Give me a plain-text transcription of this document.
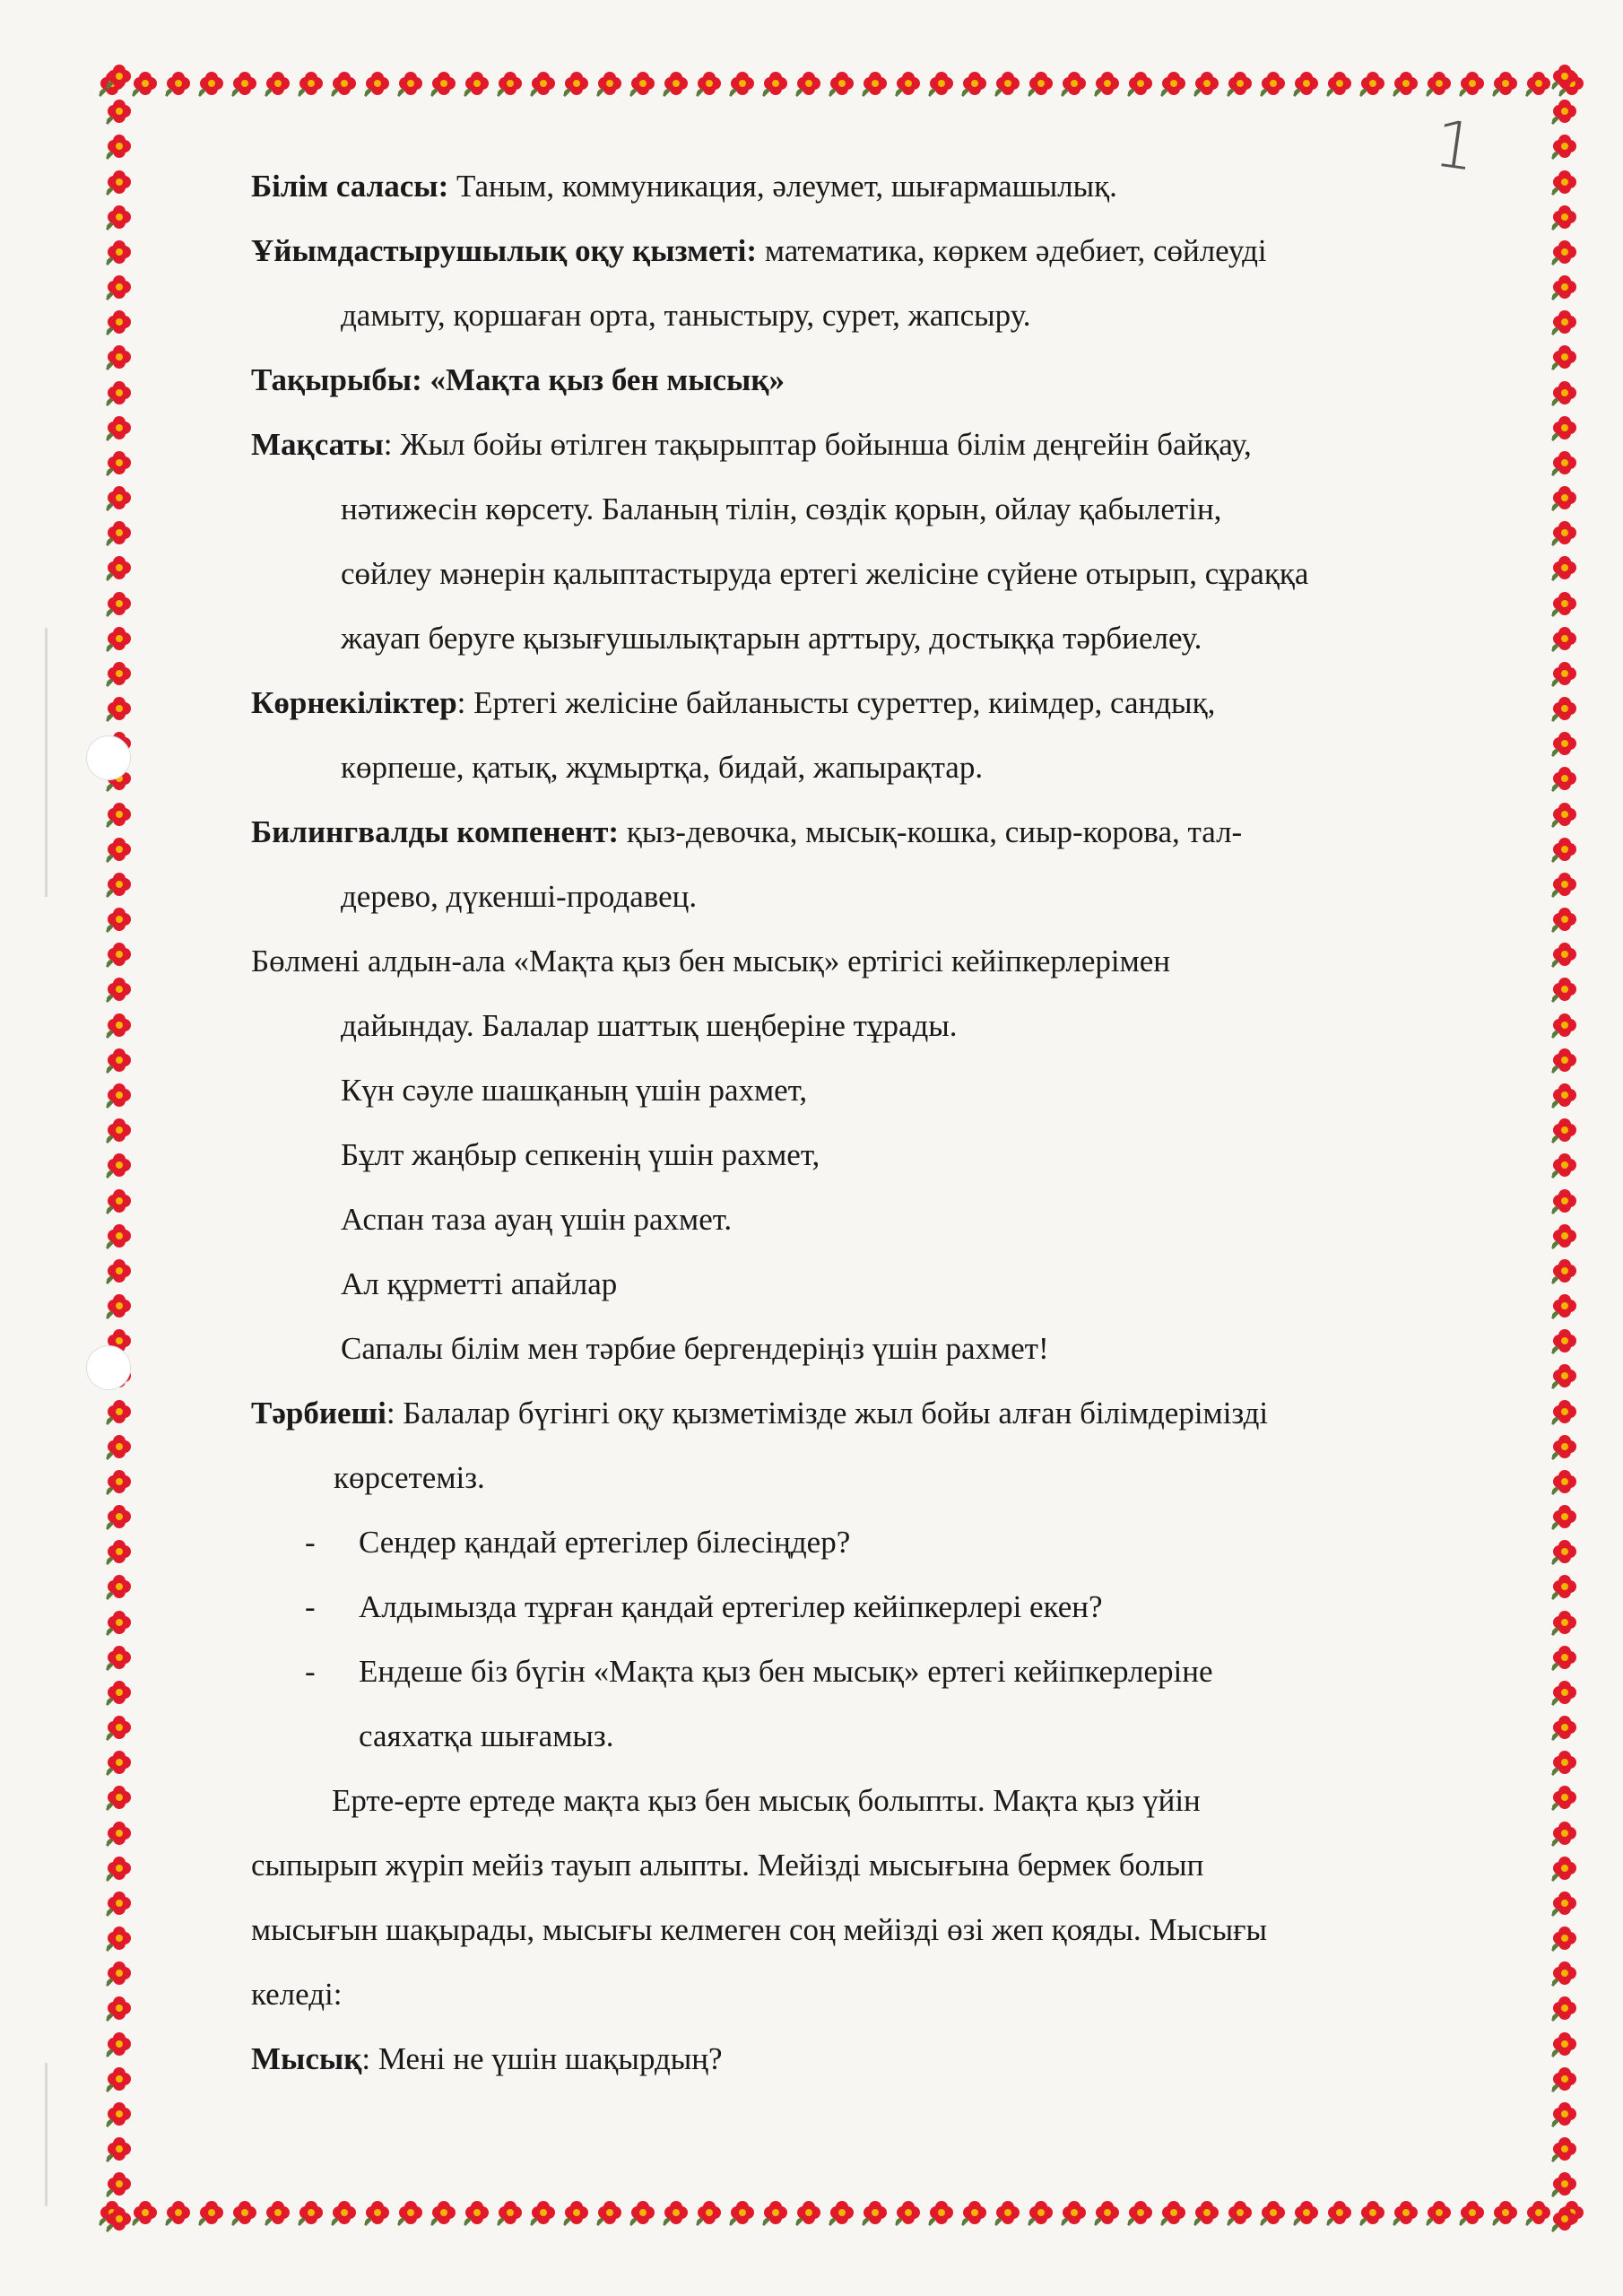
1

Білім саласы: Таным, коммуникация, әлеумет, шығармашылық.

Ұйымдастырушылық оқу қызметі: математика, көркем әдебиет, сөйлеуді

дамыту, қоршаған орта, таныстыру, сурет, жапсыру.

Тақырыбы: «Мақта қыз бен мысық»

Мақсаты: Жыл бойы өтілген тақырыптар бойынша білім деңгейін байқау,

нәтижесін көрсету. Баланың тілін, сөздік қорын, ойлау қабылетін,

сөйлеу мәнерін қалыптастыруда ертегі желісіне сүйене отырып, сұраққа

жауап беруге қызығушылықтарын арттыру, достыққа тәрбиелеу.

Көрнекіліктер: Ертегі желісіне байланысты суреттер, киімдер, сандық,

көрпеше, қатық, жұмыртқа, бидай, жапырақтар.

Билингвалды компенент: қыз-девочка, мысық-кошка, сиыр-корова, тал-

дерево, дүкенші-продавец.

Бөлмені алдын-ала «Мақта қыз бен мысық» ертігісі кейіпкерлерімен

дайындау. Балалар шаттық шеңберіне тұрады.

Күн сәуле шашқаның үшін рахмет,

Бұлт жаңбыр сепкенің үшін рахмет,

Аспан таза ауаң үшін рахмет.

Ал құрметті апайлар

Сапалы білім мен тәрбие бергендеріңіз үшін рахмет!

Тәрбиеші: Балалар бүгінгі оқу қызметімізде жыл бойы алған білімдерімізді

көрсетеміз.

-	Сендер қандай ертегілер білесіңдер?

-	Алдымызда тұрған қандай ертегілер кейіпкерлері екен?

-	Ендеше біз бүгін «Мақта қыз бен мысық» ертегі кейіпкерлеріне

саяхатқа шығамыз.

Ерте-ерте ертеде мақта қыз бен мысық болыпты. Мақта қыз үйін

сыпырып жүріп мейіз тауып алыпты. Мейізді мысығына бермек болып

мысығын шақырады, мысығы келмеген соң мейізді өзі жеп қояды. Мысығы

келеді:

Мысық: Мені не үшін шақырдың?
